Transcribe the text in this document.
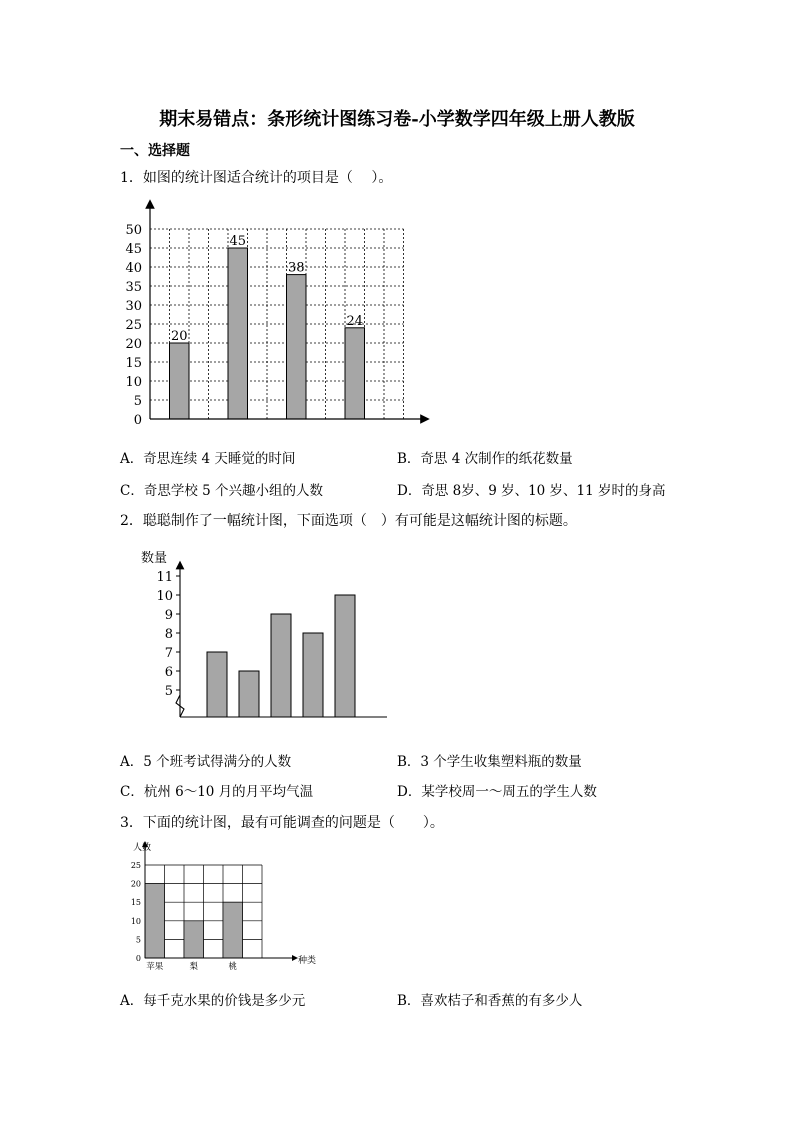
期末易错点：条形统计图练习卷-小学数学四年级上册人教版
一、选择题
1．如图的统计图适合统计的项目是（　 ）。
0
5
10
15
20
25
30
35
40
45
50
20
45
38
24
A．奇思连续 4 天睡觉的时间	B．奇思 4 次制作的纸花数量
C．奇思学校 5 个兴趣小组的人数	D．奇思 8岁、9 岁、10 岁、11 岁时的身高
2．聪聪制作了一幅统计图，下面选项（　）有可能是这幅统计图的标题。
数量
5
6
7
8
9
10
11
A．5 个班考试得满分的人数	B．3 个学生收集塑料瓶的数量
C．杭州 6～10 月的月平均气温	D．某学校周一～周五的学生人数
3．下面的统计图，最有可能调查的问题是（　　）。
人数
种类
0
5
10
15
20
25
苹果	梨	桃
A．每千克水果的价钱是多少元	B．喜欢桔子和香蕉的有多少人
